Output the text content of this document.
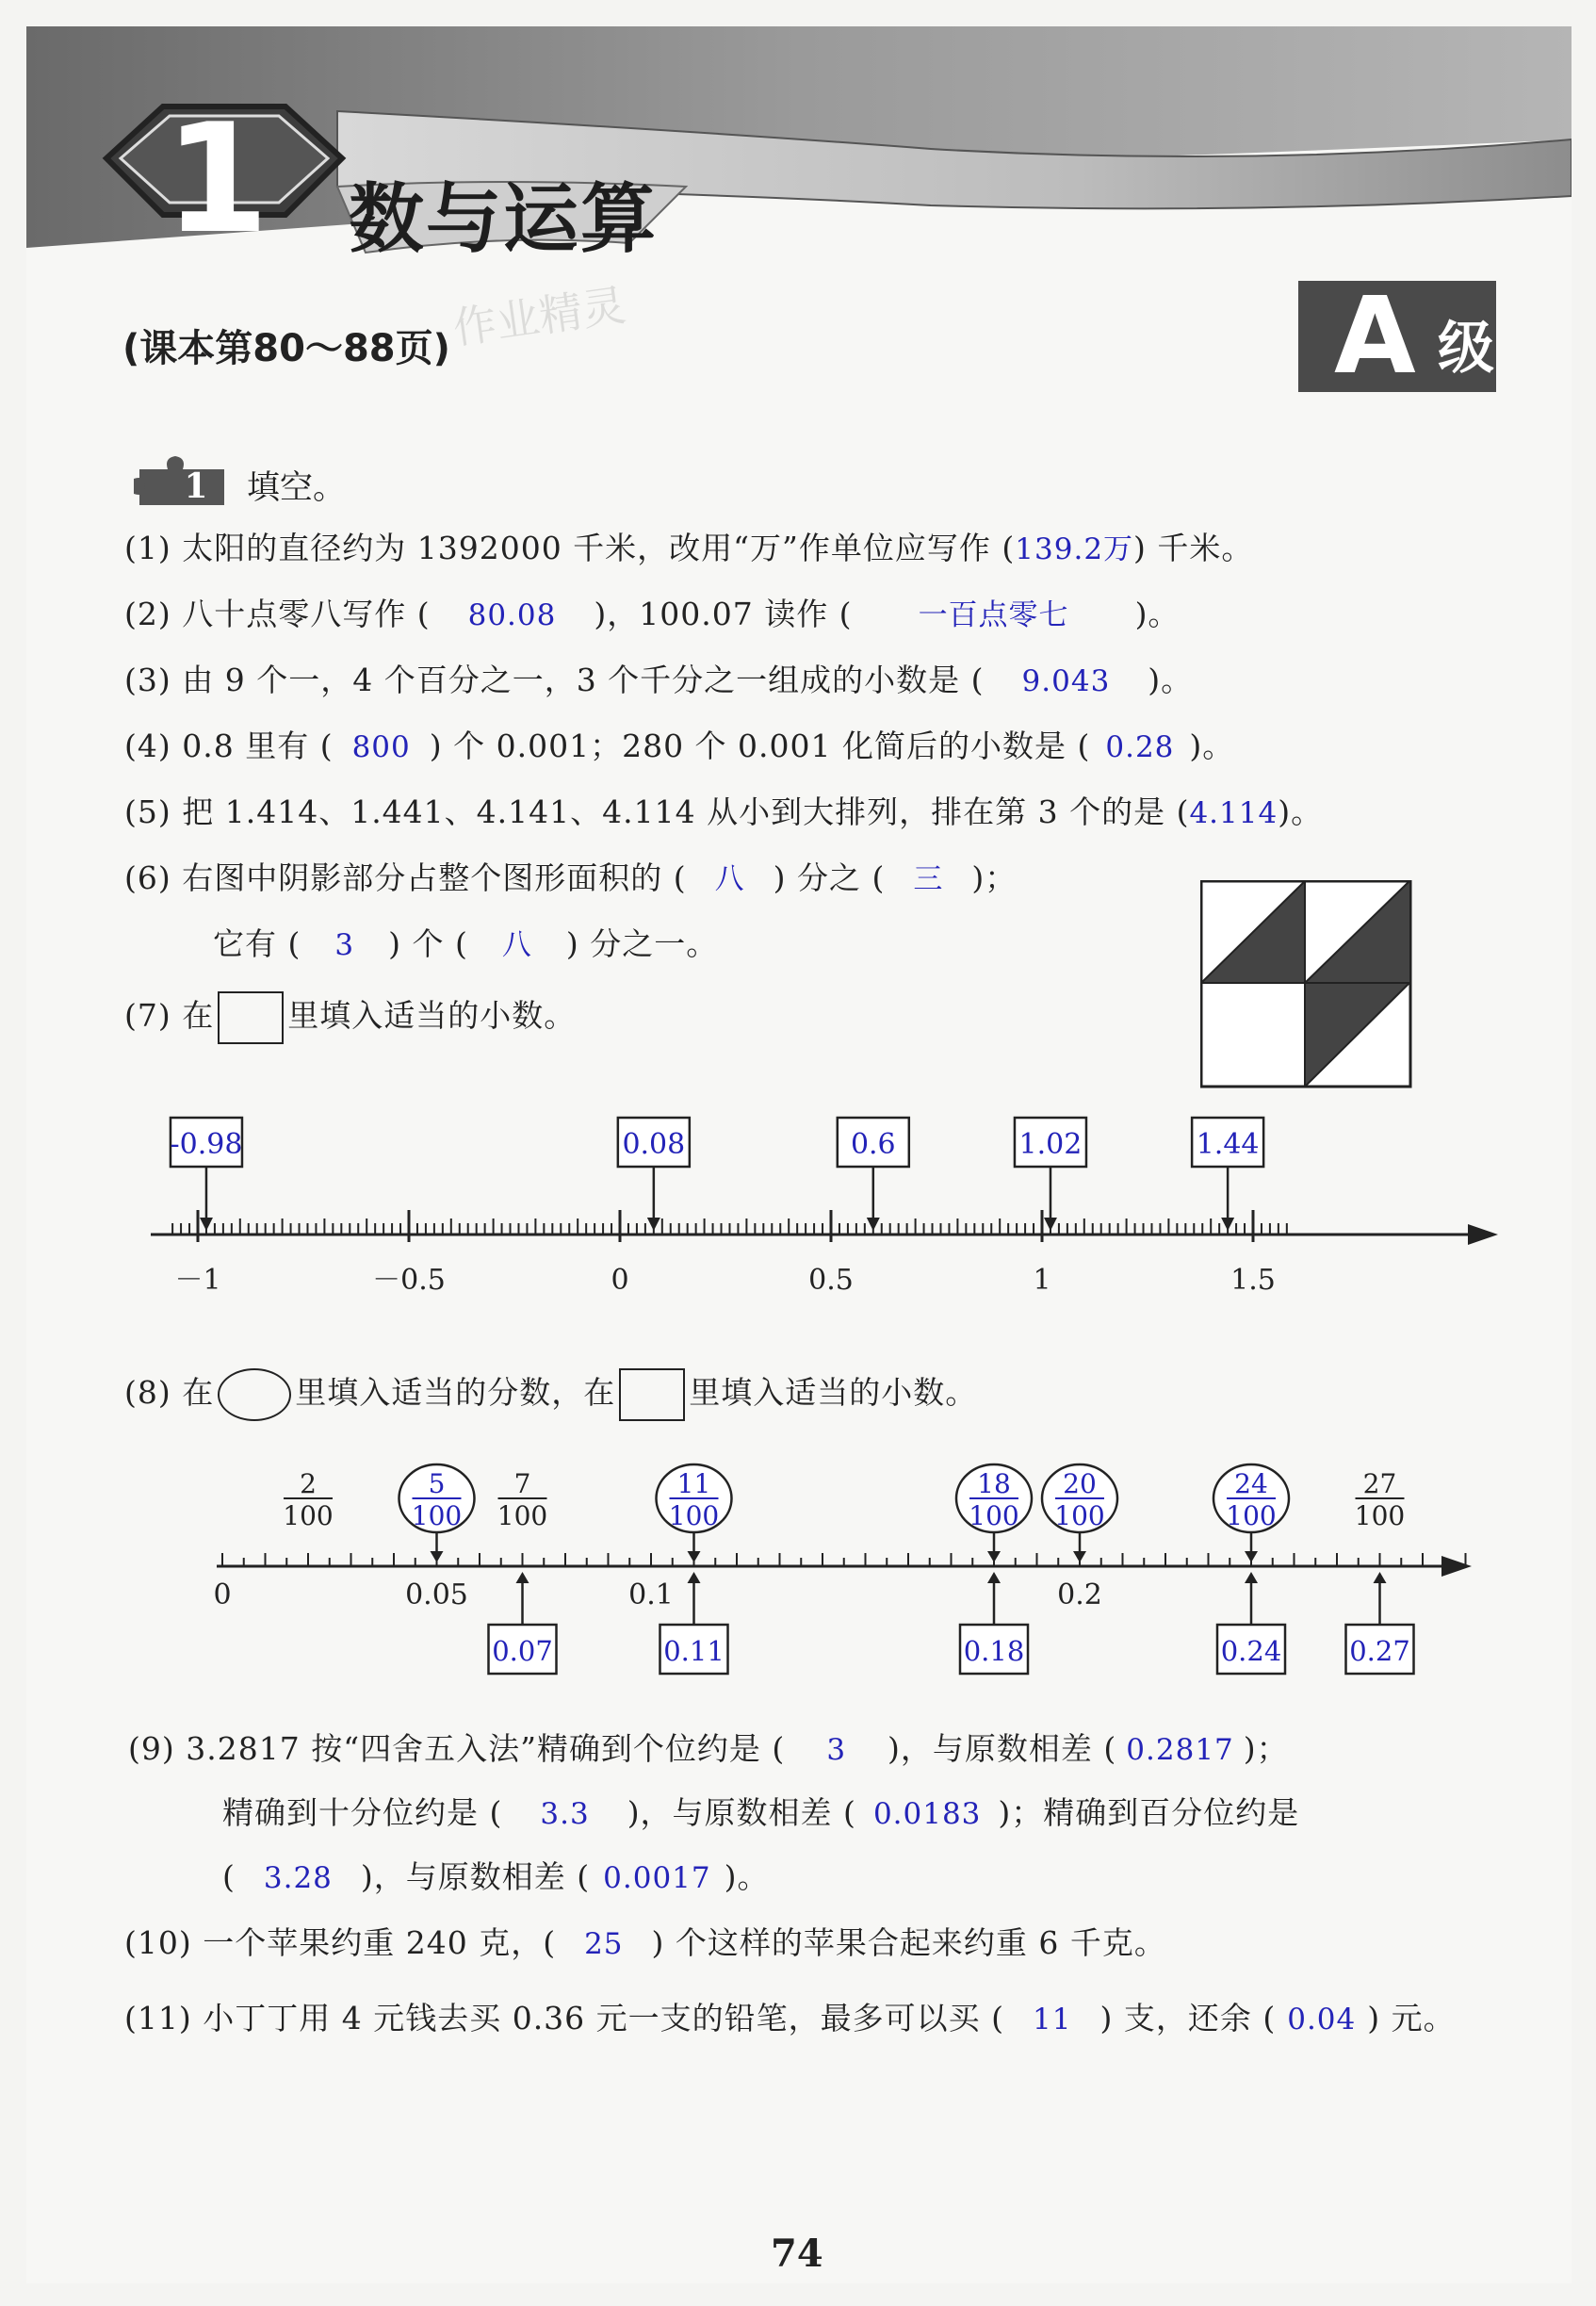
1	数与运算
作业精灵
(课本第80～88页)	A 级
1 填空。
(1) 太阳的直径约为 1392000 千米，改用“万”作单位应写作 (139.2万) 千米。
(2) 八十点零八写作 ( 80.08 )，100.07 读作 ( 一百点零七 )。
(3) 由 9 个一，4 个百分之一，3 个千分之一组成的小数是 ( 9.043 )。
(4) 0.8 里有 ( 800 ) 个 0.001；280 个 0.001 化简后的小数是 ( 0.28 )。
(5) 把 1.414、1.441、4.141、4.114 从小到大排列，排在第 3 个的是 (4.114)。
(6) 右图中阴影部分占整个图形面积的 ( 八 ) 分之 ( 三 )；
它有 ( 3 ) 个 ( 八 ) 分之一。
(7) 在 里填入适当的小数。
－1	－0.5	0	0.5	1	1.5
-0.98	0.08	0.6	1.02	1.44
(8) 在	里填入适当的分数，在 里填入适当的小数。
0	0.05	0.1	0.2
2
100
7
100
27
100
5
100
11
100
18
100
20
100
24
100
0.07	0.11	0.18	0.24 0.27
(9) 3.2817 按“四舍五入法”精确到个位约是 ( 3 )，与原数相差 ( 0.2817 )；
精确到十分位约是 ( 3.3 )，与原数相差 ( 0.0183 )；精确到百分位约是
( 3.28 )，与原数相差 ( 0.0017 )。
(10) 一个苹果约重 240 克，( 25 ) 个这样的苹果合起来约重 6 千克。
(11) 小丁丁用 4 元钱去买 0.36 元一支的铅笔，最多可以买 ( 11 ) 支，还余 ( 0.04 ) 元。
74
